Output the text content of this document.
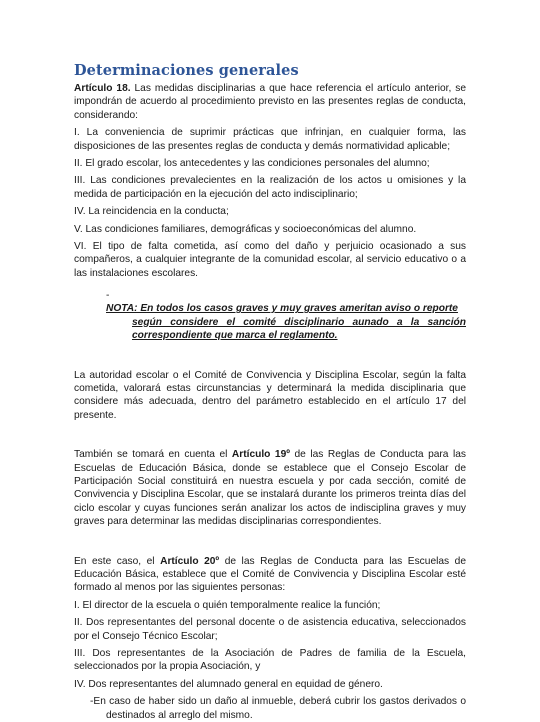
Determinaciones generales

Artículo 18. Las medidas disciplinarias a que hace referencia el artículo anterior, se impondrán de acuerdo al procedimiento previsto en las presentes reglas de conducta, considerando:

I. La conveniencia de suprimir prácticas que infrinjan, en cualquier forma, las disposiciones de las presentes reglas de conducta y demás normatividad aplicable;

II. El grado escolar, los antecedentes y las condiciones personales del alumno;

III. Las condiciones prevalecientes en la realización de los actos u omisiones y la medida de participación en la ejecución del acto indisciplinario;

IV. La reincidencia en la conducta;

V. Las condiciones familiares, demográficas y socioeconómicas del alumno.

VI. El tipo de falta cometida, así como del daño y perjuicio ocasionado a sus compañeros, a cualquier integrante de la comunidad escolar, al servicio educativo o a las instalaciones escolares.

-
NOTA: En todos los casos graves y muy graves ameritan aviso o reporte
según considere el comité disciplinario aunado a la sanción correspondiente que marca el reglamento.

La autoridad escolar o el Comité de Convivencia y Disciplina Escolar, según la falta cometida, valorará estas circunstancias y determinará la medida disciplinaria que considere más adecuada, dentro del parámetro establecido en el artículo 17 del presente.

También se tomará en cuenta el Artículo 19º de las Reglas de Conducta para las Escuelas de Educación Básica, donde se establece que el Consejo Escolar de Participación Social constituirá en nuestra escuela y por cada sección, comité de Convivencia y Disciplina Escolar, que se instalará durante los primeros treinta días del ciclo escolar y cuyas funciones serán analizar los actos de indisciplina graves y muy graves para determinar las medidas disciplinarias correspondientes.

En este caso, el Artículo 20º de las Reglas de Conducta para las Escuelas de Educación Básica, establece que el Comité de Convivencia y Disciplina Escolar esté formado al menos por las siguientes personas:

I. El director de la escuela o quién temporalmente realice la función;

II. Dos representantes del personal docente o de asistencia educativa, seleccionados por el Consejo Técnico Escolar;

III. Dos representantes de la Asociación de Padres de familia de la Escuela, seleccionados por la propia Asociación, y

IV. Dos representantes del alumnado general en equidad de género.

-En caso de haber sido un daño al inmueble, deberá cubrir los gastos derivados o destinados al arreglo del mismo.
